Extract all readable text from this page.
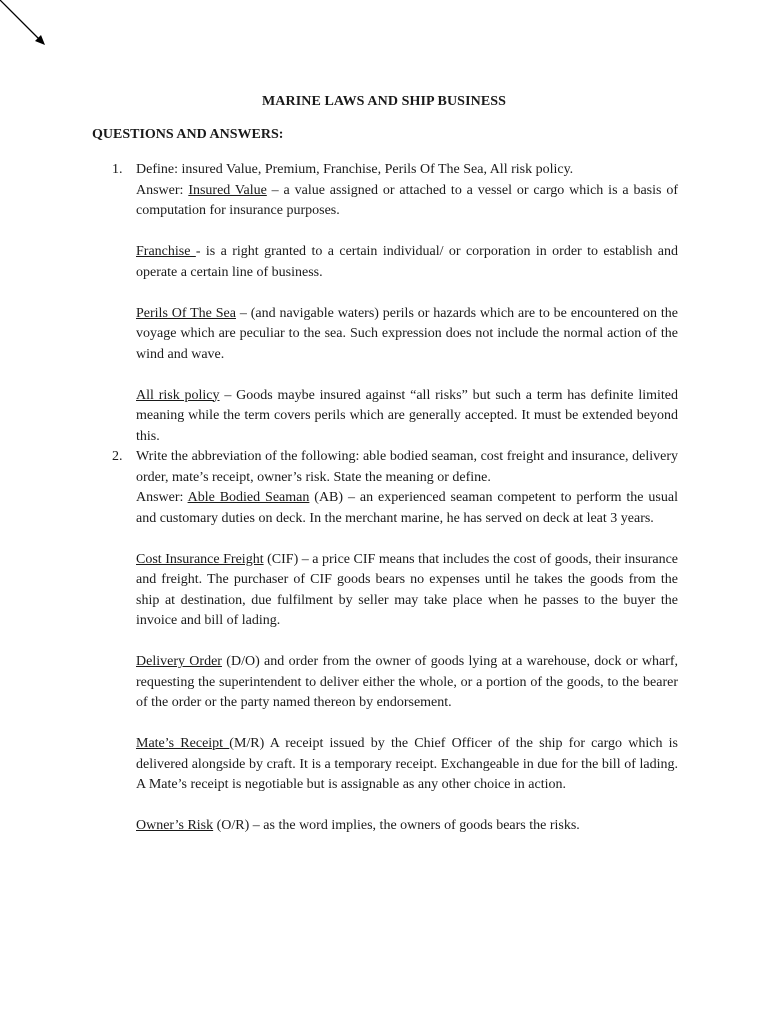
MARINE LAWS AND SHIP BUSINESS
QUESTIONS AND ANSWERS:
1. Define: insured Value, Premium, Franchise, Perils Of The Sea, All risk policy.

Answer: Insured Value – a value assigned or attached to a vessel or cargo which is a basis of computation for insurance purposes.

Franchise - is a right granted to a certain individual/ or corporation in order to establish and operate a certain line of business.

Perils Of The Sea – (and navigable waters) perils or hazards which are to be encountered on the voyage which are peculiar to the sea. Such expression does not include the normal action of the wind and wave.

All risk policy – Goods maybe insured against “all risks” but such a term has definite limited meaning while the term covers perils which are generally accepted. It must be extended beyond this.

2. Write the abbreviation of the following: able bodied seaman, cost freight and insurance, delivery order, mate’s receipt, owner’s risk. State the meaning or define.

Answer: Able Bodied Seaman (AB) – an experienced seaman competent to perform the usual and customary duties on deck. In the merchant marine, he has served on deck at leat 3 years.

Cost Insurance Freight (CIF) – a price CIF means that includes the cost of goods, their insurance and freight. The purchaser of CIF goods bears no expenses until he takes the goods from the ship at destination, due fulfilment by seller may take place when he passes to the buyer the invoice and bill of lading.

Delivery Order (D/O) and order from the owner of goods lying at a warehouse, dock or wharf, requesting the superintendent to deliver either the whole, or a portion of the goods, to the bearer of the order or the party named thereon by endorsement.

Mate’s Receipt (M/R) A receipt issued by the Chief Officer of the ship for cargo which is delivered alongside by craft. It is a temporary receipt. Exchangeable in due for the bill of lading. A Mate’s receipt is negotiable but is assignable as any other choice in action.

Owner’s Risk (O/R) – as the word implies, the owners of goods bears the risks.
